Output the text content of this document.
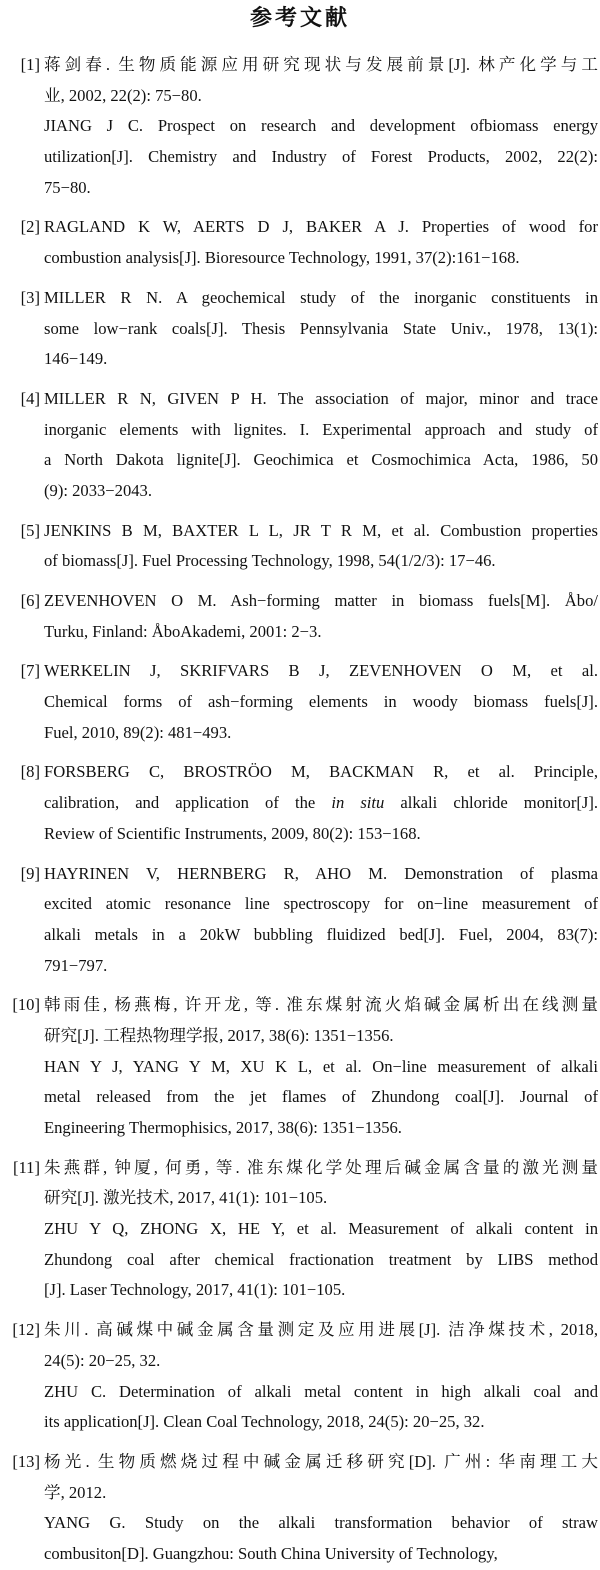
参考文献
[1] 蒋剑春. 生物质能源应用研究现状与发展前景[J]. 林产化学与工
业, 2002, 22(2): 75−80.
JIANG J C. Prospect on research and development ofbiomass energy
utilization[J]. Chemistry and Industry of Forest Products, 2002, 22(2):
75−80.
[2] RAGLAND K W, AERTS D J, BAKER A J. Properties of wood for
combustion analysis[J]. Bioresource Technology, 1991, 37(2):161−168.
[3] MILLER R N. A geochemical study of the inorganic constituents in
some low−rank coals[J]. Thesis Pennsylvania State Univ., 1978, 13(1):
146−149.
[4] MILLER R N, GIVEN P H. The association of major, minor and trace
inorganic elements with lignites. I. Experimental approach and study of
a North Dakota lignite[J]. Geochimica et Cosmochimica Acta, 1986, 50
(9): 2033−2043.
[5] JENKINS B M, BAXTER L L, JR T R M, et al. Combustion properties
of biomass[J]. Fuel Processing Technology, 1998, 54(1/2/3): 17−46.
[6] ZEVENHOVEN O M. Ash−forming matter in biomass fuels[M]. Åbo/
Turku, Finland: ÅboAkademi, 2001: 2−3.
[7] WERKELIN J, SKRIFVARS B J, ZEVENHOVEN O M, et al.
Chemical forms of ash−forming elements in woody biomass fuels[J].
Fuel, 2010, 89(2): 481−493.
[8] FORSBERG C, BROSTRÖO M, BACKMAN R, et al. Principle,
calibration, and application of the in situ alkali chloride monitor[J].
Review of Scientific Instruments, 2009, 80(2): 153−168.
[9] HAYRINEN V, HERNBERG R, AHO M. Demonstration of plasma
excited atomic resonance line spectroscopy for on−line measurement of
alkali metals in a 20kW bubbling fluidized bed[J]. Fuel, 2004, 83(7):
791−797.
[10] 韩雨佳, 杨燕梅, 许开龙, 等. 准东煤射流火焰碱金属析出在线测量
研究[J]. 工程热物理学报, 2017, 38(6): 1351−1356.
HAN Y J, YANG Y M, XU K L, et al. On−line measurement of alkali
metal released from the jet flames of Zhundong coal[J]. Journal of
Engineering Thermophisics, 2017, 38(6): 1351−1356.
[11] 朱燕群, 钟厦, 何勇, 等. 准东煤化学处理后碱金属含量的激光测量
研究[J]. 激光技术, 2017, 41(1): 101−105.
ZHU Y Q, ZHONG X, HE Y, et al. Measurement of alkali content in
Zhundong coal after chemical fractionation treatment by LIBS method
[J]. Laser Technology, 2017, 41(1): 101−105.
[12] 朱川. 高碱煤中碱金属含量测定及应用进展[J]. 洁净煤技术, 2018,
24(5): 20−25, 32.
ZHU C. Determination of alkali metal content in high alkali coal and
its application[J]. Clean Coal Technology, 2018, 24(5): 20−25, 32.
[13] 杨光. 生物质燃烧过程中碱金属迁移研究[D]. 广州: 华南理工大
学, 2012.
YANG G. Study on the alkali transformation behavior of straw
combusiton[D]. Guangzhou: South China University of Technology,
